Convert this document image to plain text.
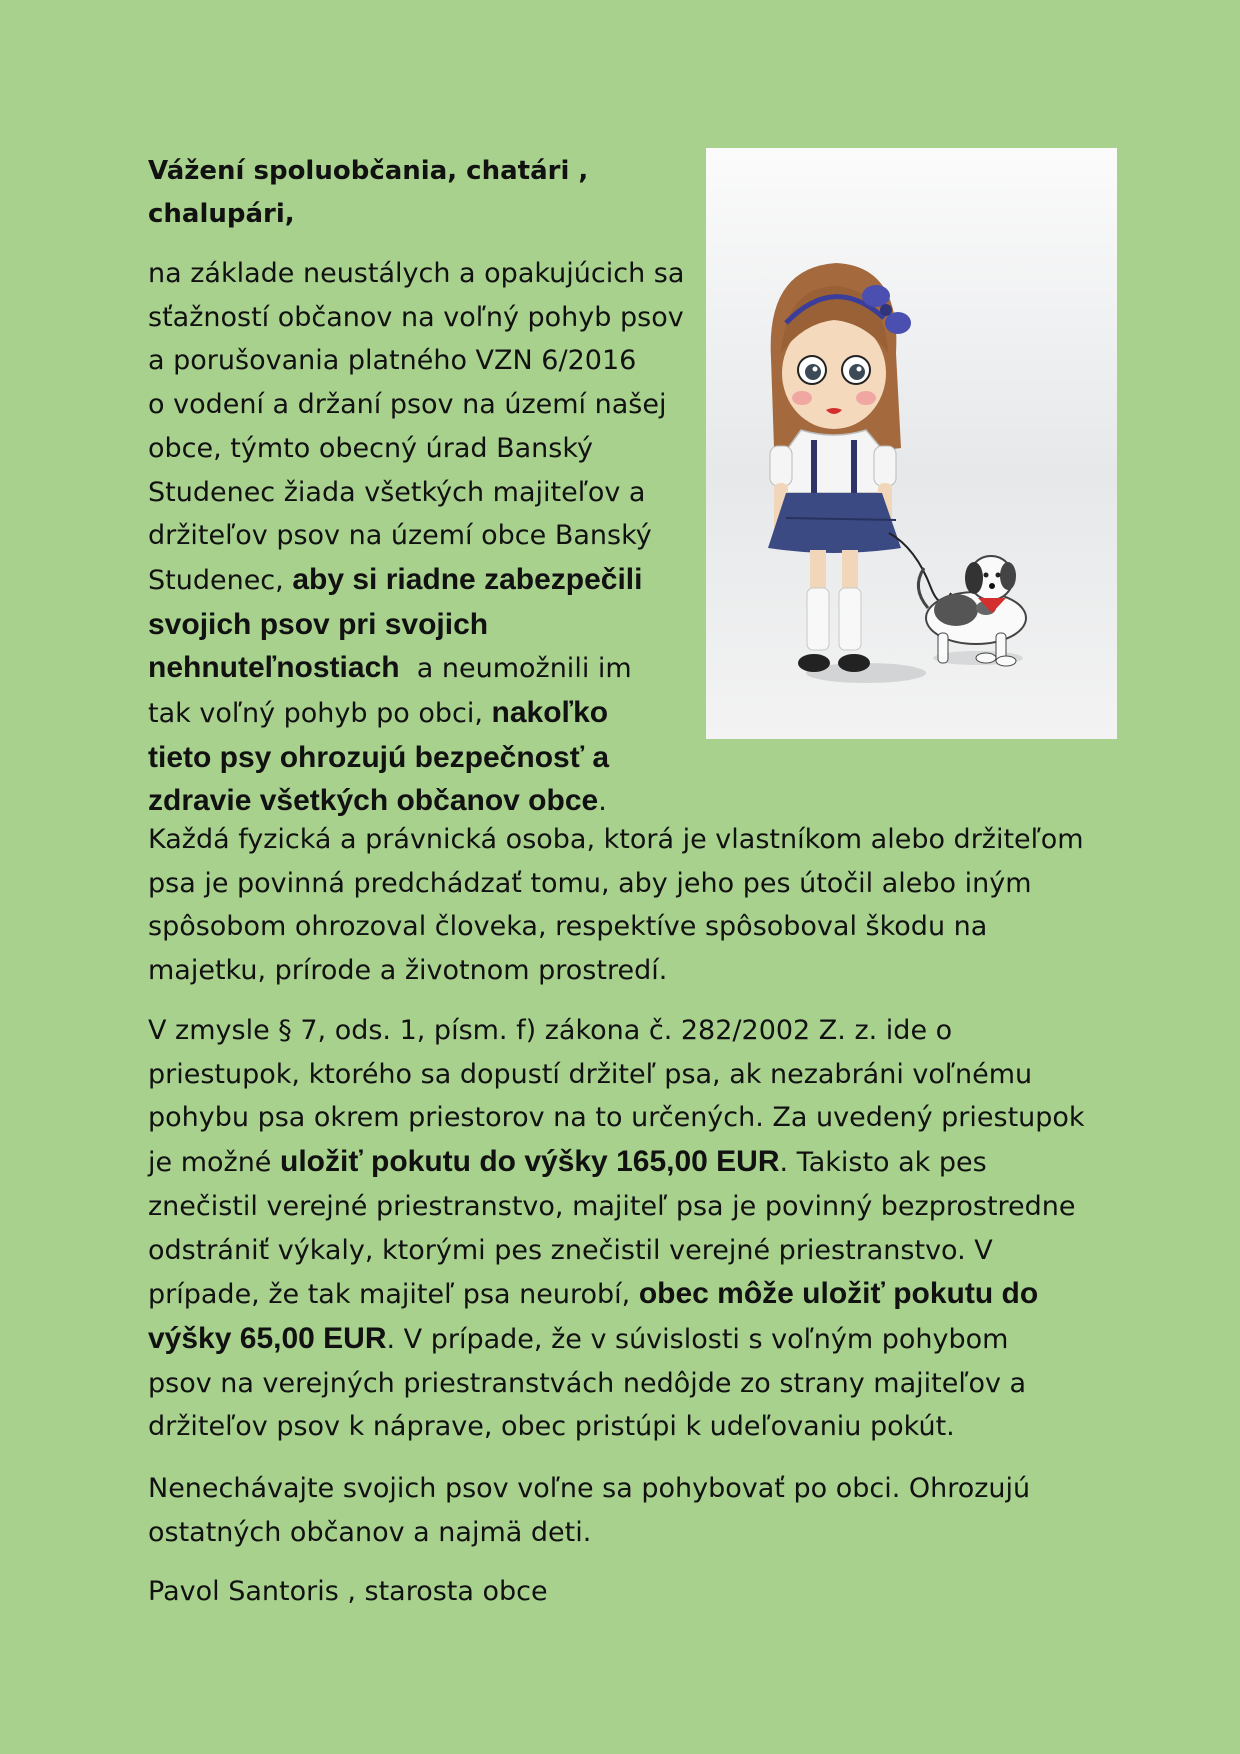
Vážení spoluobčania, chatári ,
chalupári,
na základe neustálych a opakujúcich sa
sťažností občanov na voľný pohyb psov
a porušovania platného VZN 6/2016
o vodení a držaní psov na území našej
obce, týmto obecný úrad Banský
Studenec žiada všetkých majiteľov a
držiteľov psov na území obce Banský
Studenec, aby si riadne zabezpečili
svojich psov pri svojich
nehnuteľnostiach  a neumožnili im
tak voľný pohyb po obci, nakoľko
tieto psy ohrozujú bezpečnosť a
zdravie všetkých občanov obce.
Každá fyzická a právnická osoba, ktorá je vlastníkom alebo držiteľom
psa je povinná predchádzať tomu, aby jeho pes útočil alebo iným
spôsobom ohrozoval človeka, respektíve spôsoboval škodu na
majetku, prírode a životnom prostredí.
V zmysle § 7, ods. 1, písm. f) zákona č. 282/2002 Z. z. ide o
priestupok, ktorého sa dopustí držiteľ psa, ak nezabráni voľnému
pohybu psa okrem priestorov na to určených. Za uvedený priestupok
je možné uložiť pokutu do výšky 165,00 EUR. Takisto ak pes
znečistil verejné priestranstvo, majiteľ psa je povinný bezprostredne
odstrániť výkaly, ktorými pes znečistil verejné priestranstvo. V
prípade, že tak majiteľ psa neurobí, obec môže uložiť pokutu do
výšky 65,00 EUR. V prípade, že v súvislosti s voľným pohybom
psov na verejných priestranstvách nedôjde zo strany majiteľov a
držiteľov psov k náprave, obec pristúpi k udeľovaniu pokút.
Nenechávajte svojich psov voľne sa pohybovať po obci. Ohrozujú
ostatných občanov a najmä deti.
Pavol Santoris , starosta obce
